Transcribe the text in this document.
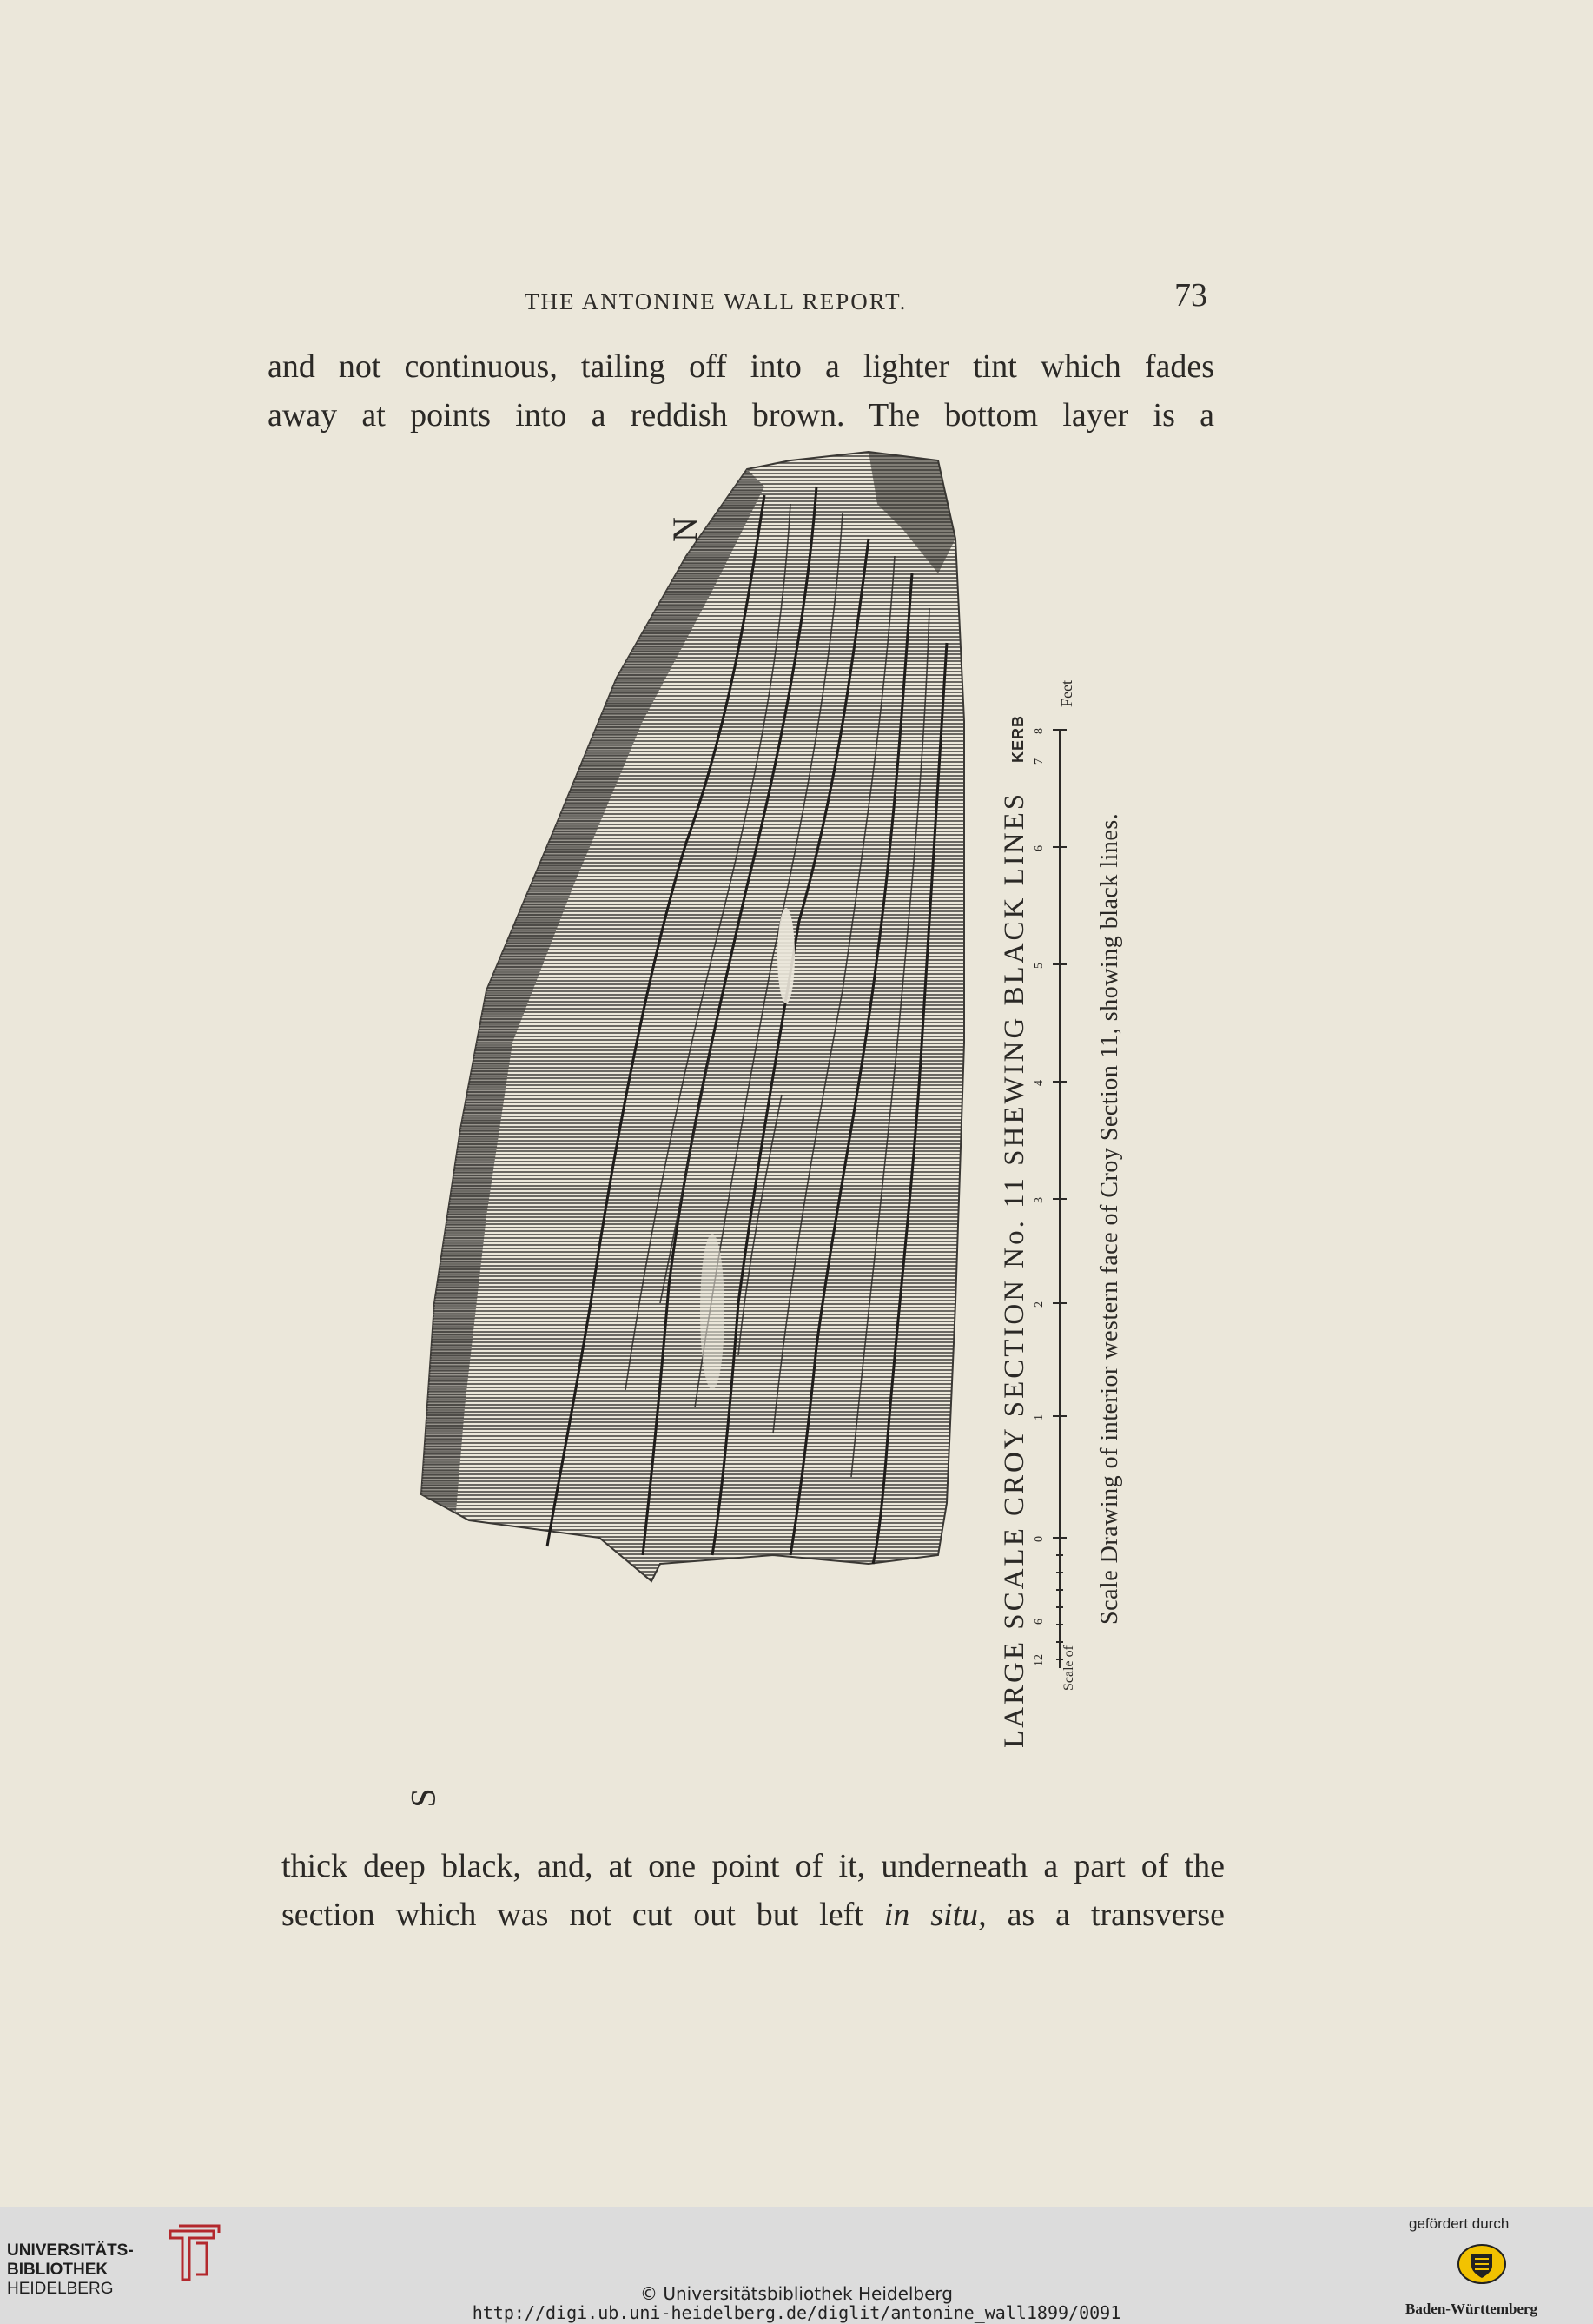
THE ANTONINE WALL REPORT.	73
and not continuous, tailing off into a lighter tint which fades
away at points into a reddish brown. The bottom layer is a
12
6
0
1
2
3
4
5
6
7
8
N
S
LARGE SCALE CROY SECTION No. 11 SHEWING BLACK LINES	Scale Drawing of interior western face of Croy Section 11, showing black lines.
Scale of
KERB
Feet
thick deep black, and, at one point of it, underneath a part of the
section which was not cut out but left in situ, as a transverse
UNIVERSITÄTS-
BIBLIOTHEK
HEIDELBERG	© Universitätsbibliothek Heidelberg
http://digi.ub.uni-heidelberg.de/diglit/antonine_wall1899/0091
gefördert durch
Baden-Württemberg
